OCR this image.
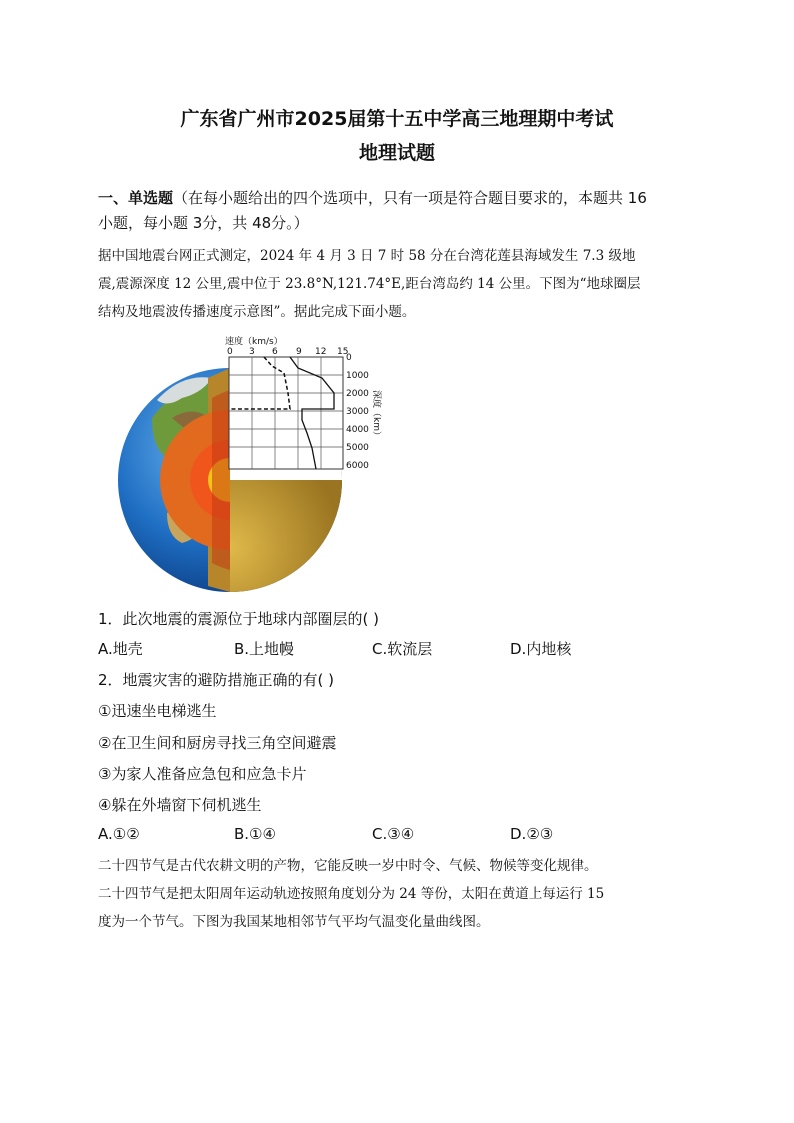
广东省广州市2025届第十五中学高三地理期中考试
地理试题
一、单选题（在每小题给出的四个选项中，只有一项是符合题目要求的，本题共 16
小题，每小题 3分，共 48分。）
据中国地震台网正式测定，2024 年 4 月 3 日 7 时 58 分在台湾花莲县海域发生 7.3 级地
震,震源深度 12 公里,震中位于 23.8°N,121.74°E,距台湾岛约 14 公里。下图为“地球圈层
结构及地震波传播速度示意图”。据此完成下面小题。
0 3 6 9 12 15
速度（km/s）
0
1000
2000
3000
4000
5000
6000
深度（km）
1．此次地震的震源位于地球内部圈层的( )
A.地壳	B.上地幔	C.软流层	D.内地核
2．地震灾害的避防措施正确的有( )
①迅速坐电梯逃生
②在卫生间和厨房寻找三角空间避震
③为家人准备应急包和应急卡片
④躲在外墙窗下伺机逃生
A.①②	B.①④	C.③④	D.②③
二十四节气是古代农耕文明的产物，它能反映一岁中时令、气候、物候等变化规律。
二十四节气是把太阳周年运动轨迹按照角度划分为 24 等份，太阳在黄道上每运行 15
度为一个节气。下图为我国某地相邻节气平均气温变化量曲线图。
